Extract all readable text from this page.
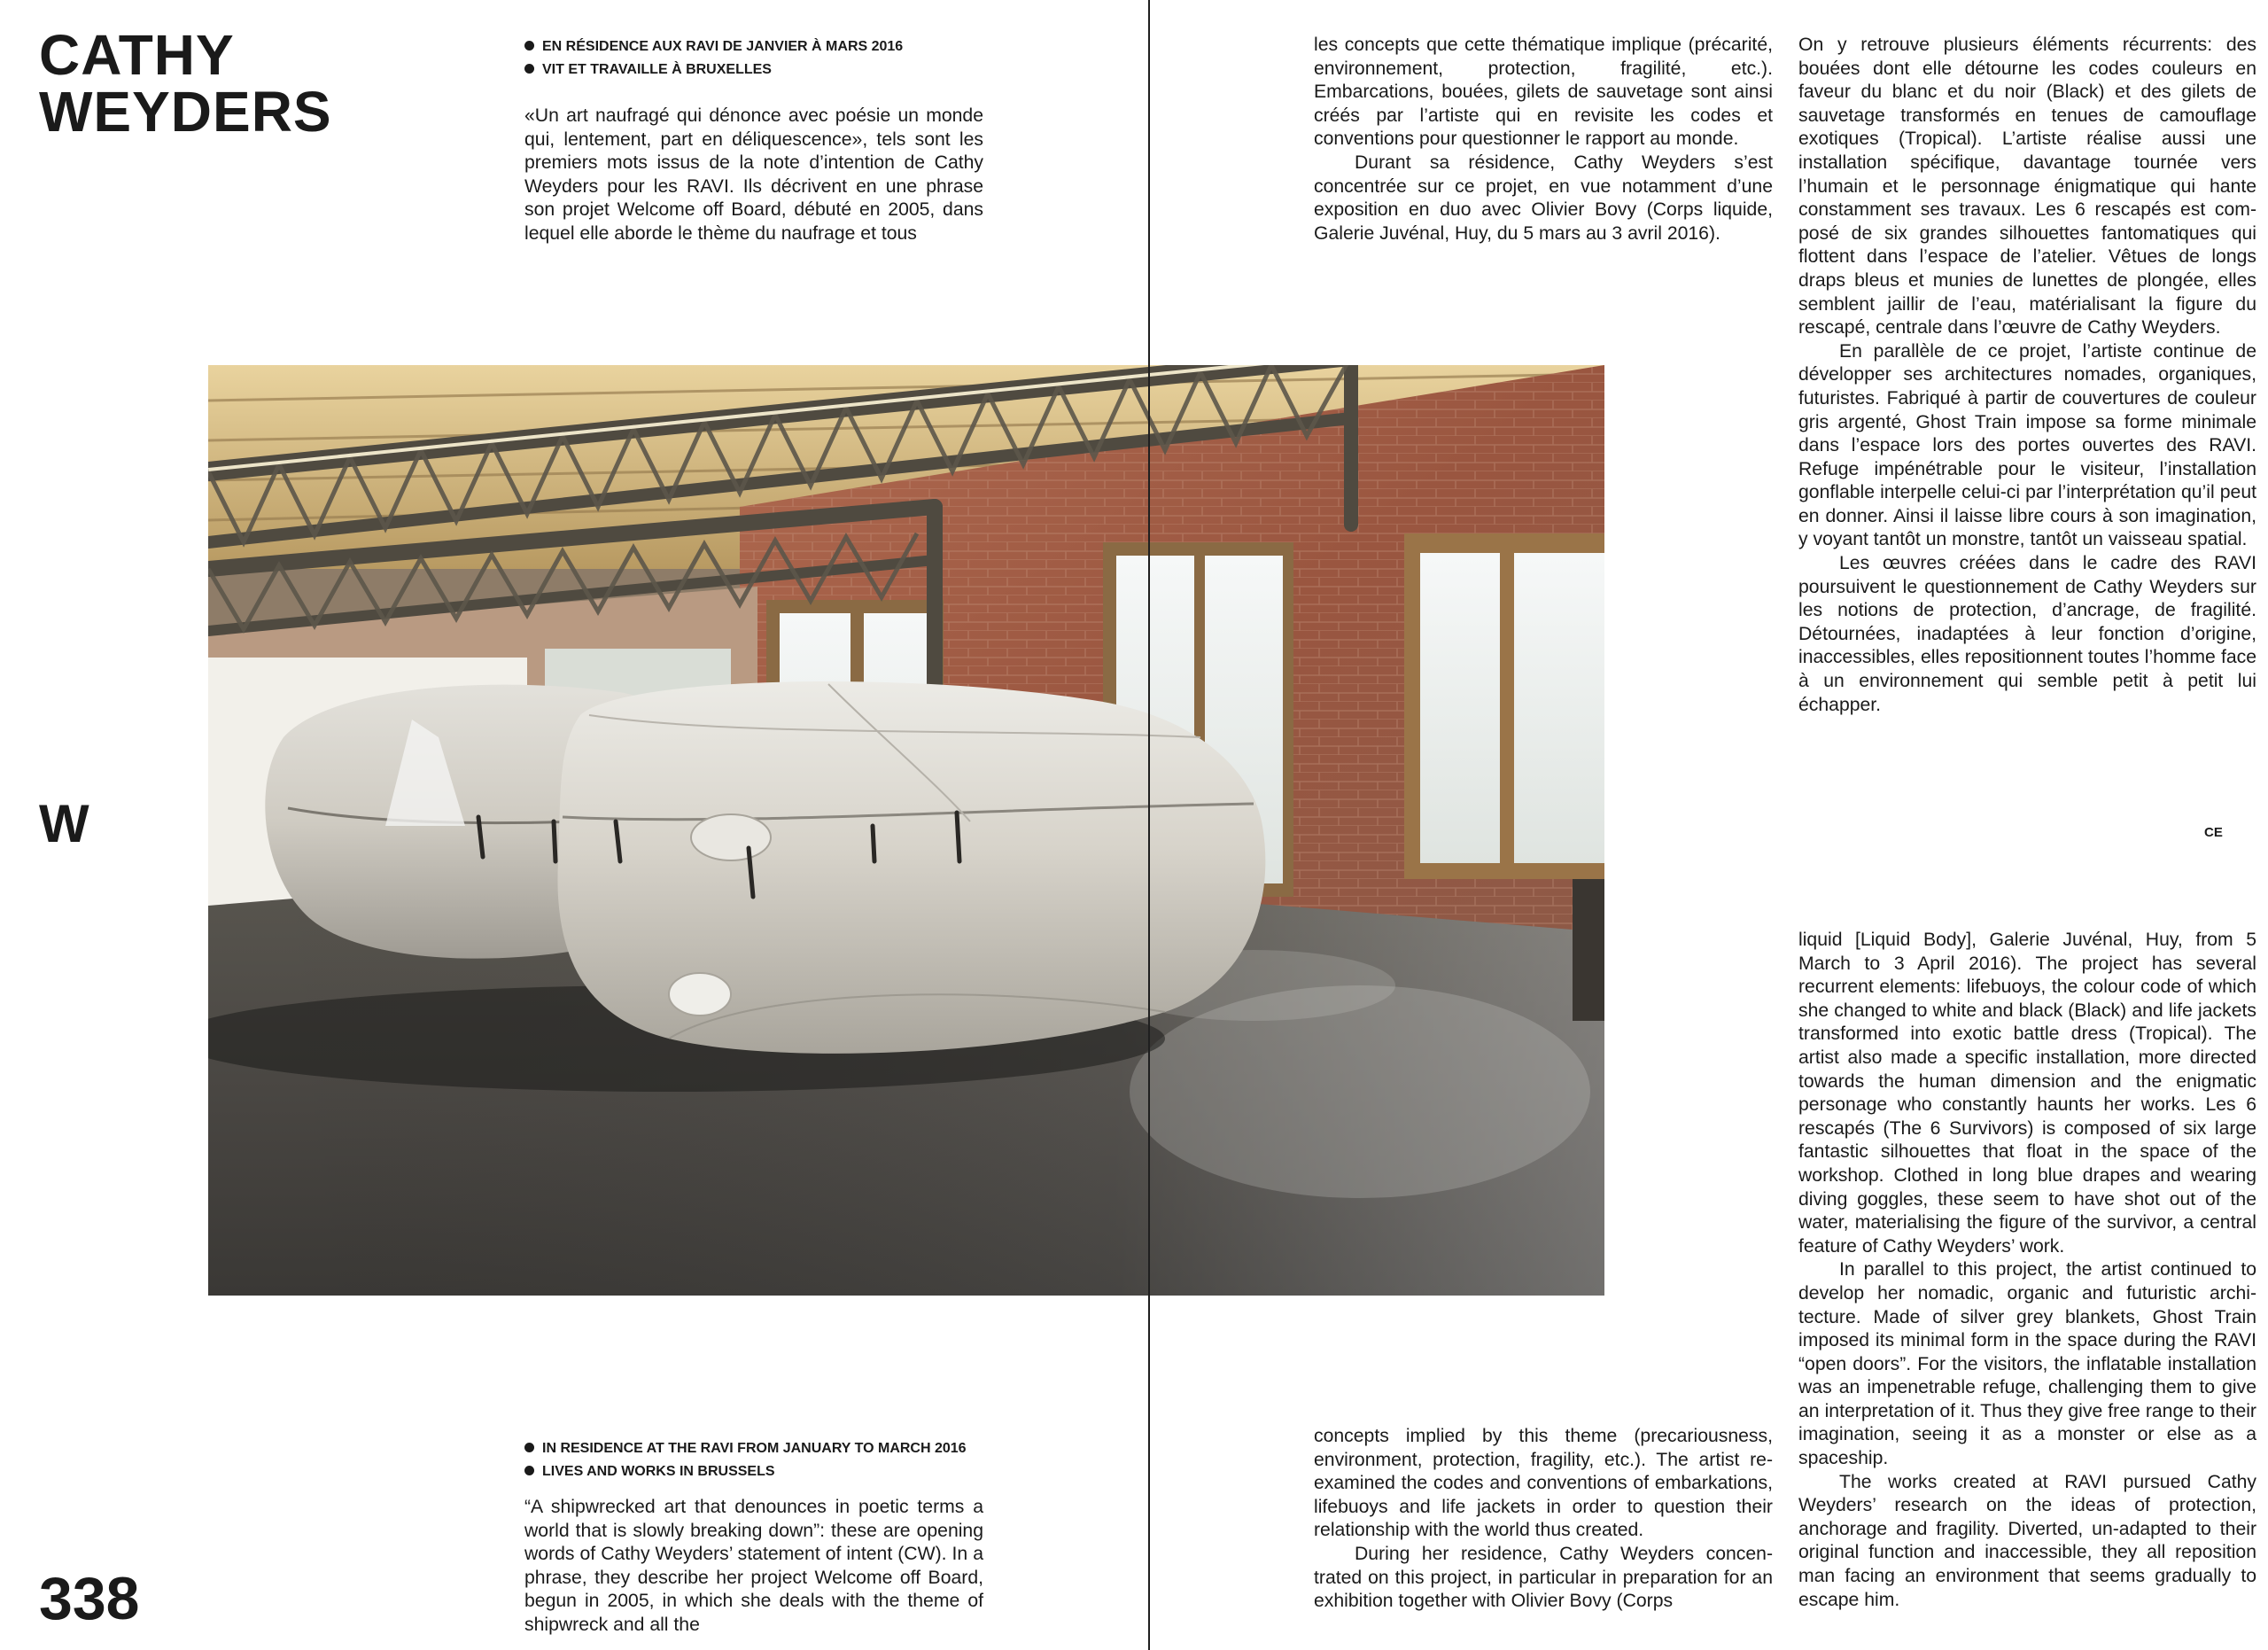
CATHY
WEYDERS
W
338
EN RÉSIDENCE AUX RAVI DE JANVIER À MARS 2016
VIT ET TRAVAILLE À BRUXELLES

«Un art naufragé qui dénonce avec poésie un monde qui, lentement, part en déliquescence», tels sont les premiers mots issus de la note d’intention de Cathy Weyders pour les RAVI. Ils décrivent en une phrase son projet Welcome off Board, débuté en 2005, dans lequel elle aborde le thème du naufrage et tous

les concepts que cette thématique implique (précarité, environnement, protection, fragilité, etc.). Embarcations, bouées, gilets de sauvetage sont ainsi créés par l’artiste qui en revisite les codes et conventions pour questionner le rapport au monde.

Durant sa résidence, Cathy Weyders s’est concentrée sur ce projet, en vue notamment d’une exposition en duo avec Olivier Bovy (Corps liquide, Galerie Juvénal, Huy, du 5 mars au 3 avril 2016).

On y retrouve plusieurs éléments récurrents: des bouées dont elle détourne les codes couleurs en faveur du blanc et du noir (Black) et des gilets de sauvetage transformés en tenues de camouflage exotiques (Tropical). L’artiste réalise aussi une installation spécifique, davantage tournée vers l’humain et le personnage énigmatique qui hante constamment ses travaux. Les 6 rescapés est composé de six grandes silhouettes fantomatiques qui flottent dans l’espace de l’atelier. Vêtues de longs draps bleus et munies de lunettes de plongée, elles semblent jaillir de l’eau, matérialisant la figure du rescapé, centrale dans l’œuvre de Cathy Weyders.

En parallèle de ce projet, l’artiste continue de développer ses architectures nomades, organiques, futuristes. Fabriqué à partir de couvertures de couleur gris argenté, Ghost Train impose sa forme minimale dans l’espace lors des portes ouvertes des RAVI. Refuge impénétrable pour le visiteur, l’installation gonflable interpelle celui-ci par l’interprétation qu’il peut en donner. Ainsi il laisse libre cours à son imagination, y voyant tantôt un monstre, tantôt un vaisseau spatial.

Les œuvres créées dans le cadre des RAVI poursuivent le questionnement de Cathy Weyders sur les notions de protection, d’ancrage, de fragilité. Détournées, inadaptées à leur fonction d’origine, inaccessibles, elles repositionnent toutes l’homme face à un environnement qui semble petit à petit lui échapper.

CE
IN RESIDENCE AT THE RAVI FROM JANUARY TO MARCH 2016
LIVES AND WORKS IN BRUSSELS

“A shipwrecked art that denounces in poetic terms a world that is slowly breaking down”: these are opening words of Cathy Weyders’ statement of intent (CW). In a phrase, they describe her project Welcome off Board, begun in 2005, in which she deals with the theme of shipwreck and all the

concepts implied by this theme (precariousness, environment, protection, fragility, etc.). The artist re-examined the codes and conventions of embarkations, lifebuoys and life jackets in order to question their relationship with the world thus created.

During her residence, Cathy Weyders concentrated on this project, in particular in preparation for an exhibition together with Olivier Bovy (Corps

liquid [Liquid Body], Galerie Juvénal, Huy, from 5 March to 3 April 2016). The project has several recurrent elements: lifebuoys, the colour code of which she changed to white and black (Black) and life jackets transformed into exotic battle dress (Tropical). The artist also made a specific installation, more directed towards the human dimension and the enigmatic personage who constantly haunts her works. Les 6 rescapés (The 6 Survivors) is composed of six large fantastic silhouettes that float in the space of the workshop. Clothed in long blue drapes and wearing diving goggles, these seem to have shot out of the water, materialising the figure of the survivor, a central feature of Cathy Weyders’ work.

In parallel to this project, the artist continued to develop her nomadic, organic and futuristic architecture. Made of silver grey blankets, Ghost Train imposed its minimal form in the space during the RAVI “open doors”. For the visitors, the inflatable installation was an impenetrable refuge, challenging them to give an interpretation of it. Thus they give free range to their imagination, seeing it as a monster or else as a spaceship.

The works created at RAVI pursued Cathy Weyders’ research on the ideas of protection, anchorage and fragility. Diverted, un-adapted to their original function and inaccessible, they all reposition man facing an environment that seems gradually to escape him.
